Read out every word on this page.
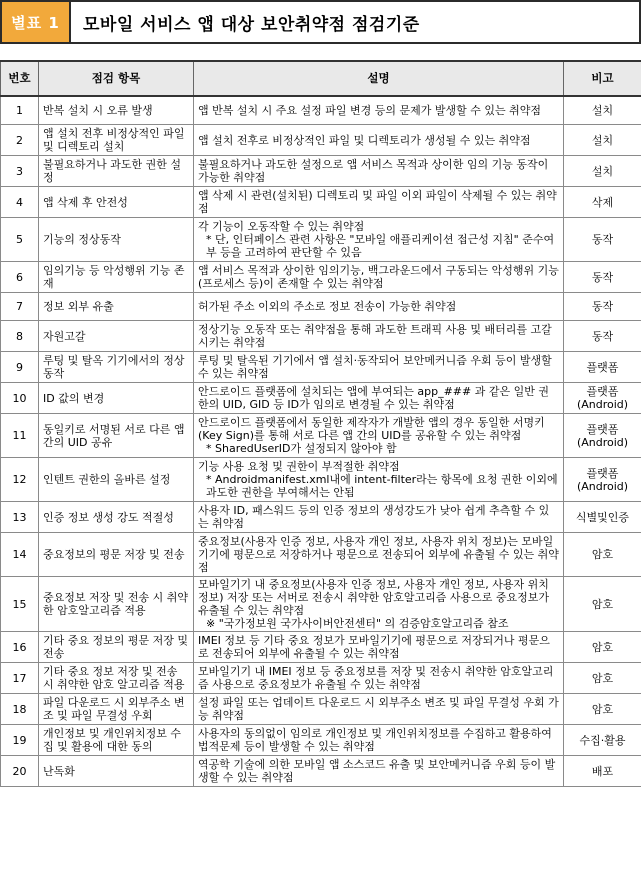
별표 1	모바일 서비스 앱 대상 보안취약점 점검기준
번호	점검 항목	설명	비고
1	반복 설치 시 오류 발생	앱 반복 설치 시 주요 설정 파일 변경 등의 문제가 발생할 수 있는 취약점	설치
2	앱 설치 전후 비정상적인 파일 및 디렉토리 설치	앱 설치 전후로 비정상적인 파일 및 디렉토리가 생성될 수 있는 취약점	설치
3	불필요하거나 과도한 권한 설정	불필요하거나 과도한 설정으로 앱 서비스 목적과 상이한 임의 기능 동작이 가능한 취약점	설치
4	앱 삭제 후 안전성	앱 삭제 시 관련(설치된) 디렉토리 및 파일 이외 파일이 삭제될 수 있는 취약점	삭제
5	기능의 정상동작	각 기능이 오동작할 수 있는 취약점
* 단, 인터페이스 관련 사항은 "모바일 애플리케이션 접근성 지침" 준수여부 등을 고려하여 판단할 수 있음	동작
6	임의기능 등 악성행위 기능 존재	앱 서비스 목적과 상이한 임의기능, 백그라운드에서 구동되는 악성행위 기능(프로세스 등)이 존재할 수 있는 취약점	동작
7	정보 외부 유출	허가된 주소 이외의 주소로 정보 전송이 가능한 취약점	동작
8	자원고갈	정상기능 오동작 또는 취약점을 통해 과도한 트래픽 사용 및 배터리를 고갈 시키는 취약점	동작
9	루팅 및 탈옥 기기에서의 정상 동작	루팅 및 탈옥된 기기에서 앱 설치·동작되어 보안메커니즘 우회 등이 발생할 수 있는 취약점	플랫폼
10	ID 값의 변경	안드로이드 플랫폼에 설치되는 앱에 부여되는 app_### 과 같은 일반 권한의 UID, GID 등 ID가 임의로 변경될 수 있는 취약점	플랫폼 (Android)
11	동일키로 서명된 서로 다른 앱 간의 UID 공유	안드로이드 플랫폼에서 동일한 제작자가 개발한 앱의 경우 동일한 서명키(Key Sign)를 통해 서로 다른 앱 간의 UID를 공유할 수 있는 취약점
* SharedUserID가 설정되지 않아야 함	플랫폼 (Android)
12	인텐트 권한의 올바른 설정	기능 사용 요청 및 권한이 부적절한 취약점
* Androidmanifest.xml내에 intent-filter라는 항목에 요청 권한 이외에 과도한 권한을 부여해서는 안됨	플랫폼 (Android)
13	인증 정보 생성 강도 적절성	사용자 ID, 패스워드 등의 인증 정보의 생성강도가 낮아 쉽게 추측할 수 있는 취약점	식별및인증
14	중요정보의 평문 저장 및 전송	중요정보(사용자 인증 정보, 사용자 개인 정보, 사용자 위치 정보)는 모바일기기에 평문으로 저장하거나 평문으로 전송되어 외부에 유출될 수 있는 취약점	암호
15	중요정보 저장 및 전송 시 취약한 암호알고리즘 적용	모바일기기 내 중요정보(사용자 인증 정보, 사용자 개인 정보, 사용자 위치 정보) 저장 또는 서버로 전송시 취약한 암호알고리즘 사용으로 중요정보가 유출될 수 있는 취약점
※ "국가정보원 국가사이버안전센터" 의 검증암호알고리즘 참조	암호
16	기타 중요 정보의 평문 저장 및 전송	IMEI 정보 등 기타 중요 정보가 모바일기기에 평문으로 저장되거나 평문으로 전송되어 외부에 유출될 수 있는 취약점	암호
17	기타 중요 정보 저장 및 전송 시 취약한 암호 알고리즘 적용	모바일기기 내 IMEI 정보 등 중요정보를 저장 및 전송시 취약한 암호알고리즘 사용으로 중요정보가 유출될 수 있는 취약점	암호
18	파일 다운로드 시 외부주소 변조 및 파일 무결성 우회	설정 파일 또는 업데이트 다운로드 시 외부주소 변조 및 파일 무결성 우회 가능 취약점	암호
19	개인정보 및 개인위치정보 수집 및 활용에 대한 동의	사용자의 동의없이 임의로 개인정보 및 개인위치정보를 수집하고 활용하여 법적문제 등이 발생할 수 있는 취약점	수집·활용
20	난독화	역공학 기술에 의한 모바일 앱 소스코드 유출 및 보안메커니즘 우회 등이 발생할 수 있는 취약점	배포
